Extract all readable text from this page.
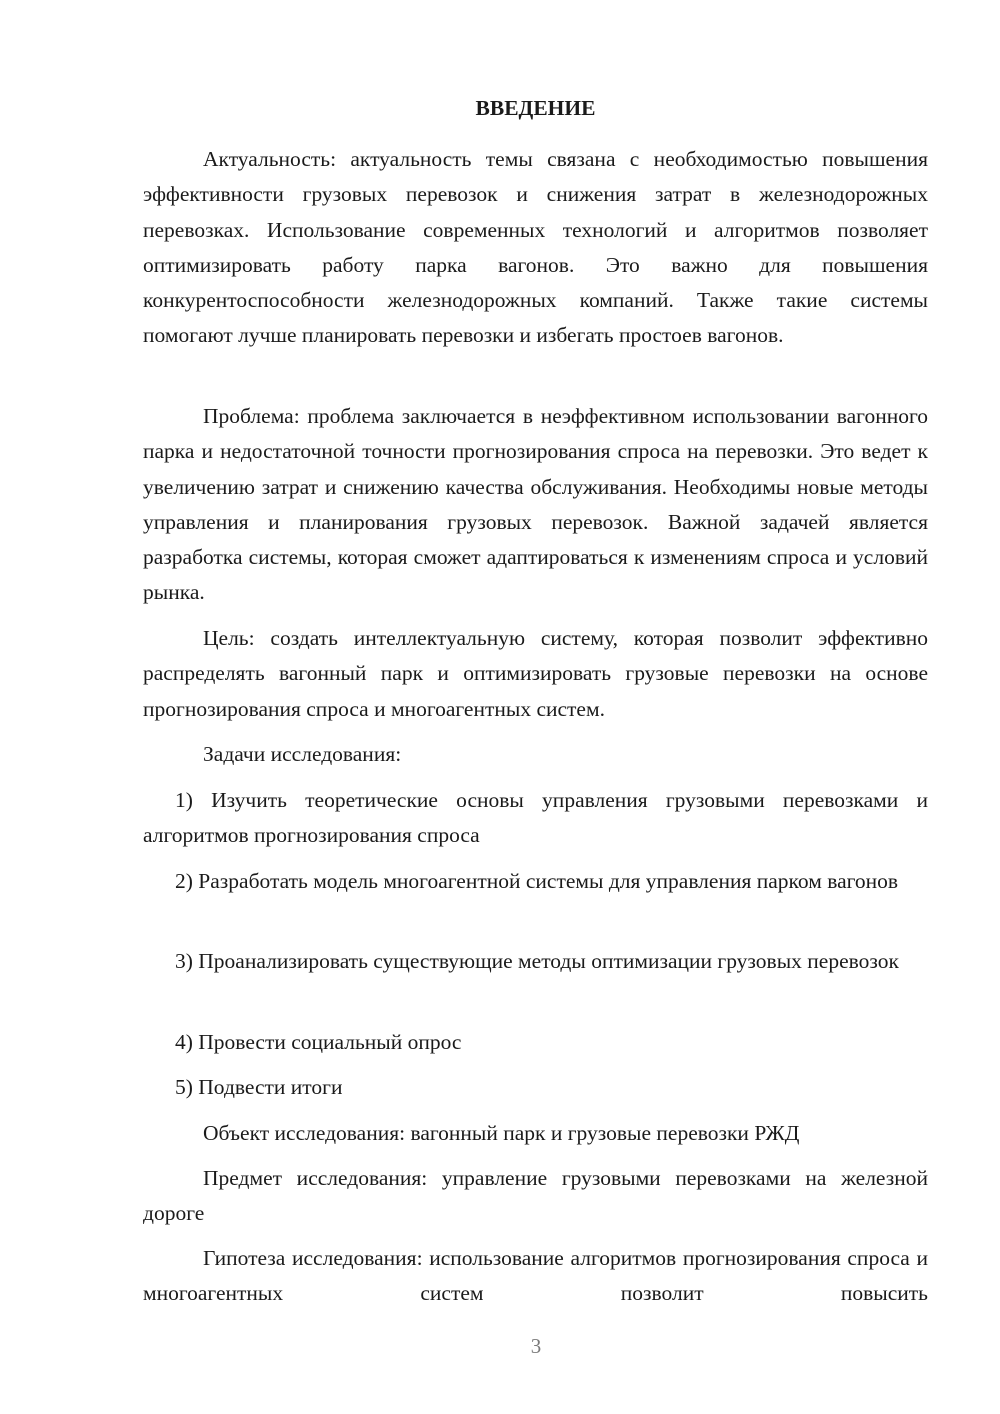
ВВЕДЕНИЕ

Актуальность: актуальность темы связана с необходимостью повышения эффективности грузовых перевозок и снижения затрат в железнодорожных перевозках. Использование современных технологий и алгоритмов позволяет оптимизировать работу парка вагонов. Это важно для повышения конкурентоспособности железнодорожных компаний. Также такие системы помогают лучше планировать перевозки и избегать простоев вагонов.

Проблема: проблема заключается в неэффективном использовании вагонного парка и недостаточной точности прогнозирования спроса на перевозки. Это ведет к увеличению затрат и снижению качества обслуживания. Необходимы новые методы управления и планирования грузовых перевозок. Важной задачей является разработка системы, которая сможет адаптироваться к изменениям спроса и условий рынка.

Цель: создать интеллектуальную систему, которая позволит эффективно распределять вагонный парк и оптимизировать грузовые перевозки на основе прогнозирования спроса и многоагентных систем.

Задачи исследования:

1) Изучить теоретические основы управления грузовыми перевозками и алгоритмов прогнозирования спроса

2) Разработать модель многоагентной системы для управления парком вагонов

3) Проанализировать существующие методы оптимизации грузовых перевозок

4) Провести социальный опрос

5) Подвести итоги

Объект исследования: вагонный парк и грузовые перевозки РЖД

Предмет исследования: управление грузовыми перевозками на железной дороге

Гипотеза исследования: использование алгоритмов прогнозирования спроса и многоагентных систем позволит повысить

3
